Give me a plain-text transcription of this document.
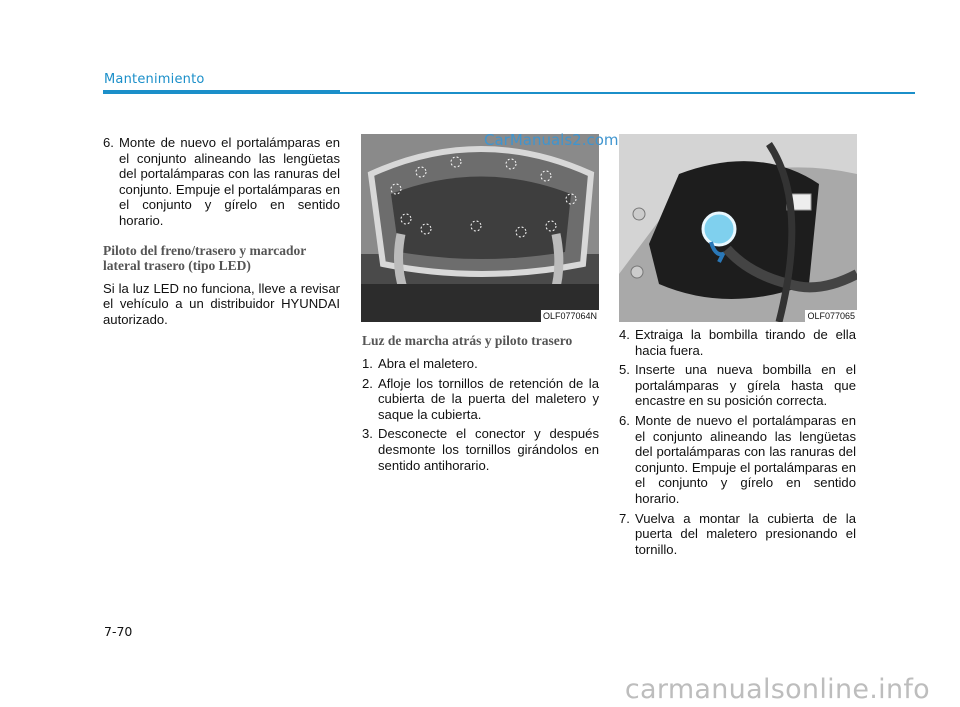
Mantenimiento
6. Monte de nuevo el portalámparas en el conjunto alineando las lengüetas del portalámparas con las ranuras del conjunto. Empuje el portalámparas en el conjunto y gírelo en sentido horario.
Piloto del freno/trasero y marcador lateral trasero (tipo LED)
Si la luz LED no funciona, lleve a revisar el vehículo a un distribuidor HYUNDAI autorizado.	OLF077064N	OLF077065
CarManuals2.com
Luz de marcha atrás y piloto trasero
1. Abra el maletero.
2. Afloje los tornillos de retención de la cubierta de la puerta del maletero y saque la cubierta.
3. Desconecte el conector y después desmonte los tornillos girándolos en sentido antihorario.
4. Extraiga la bombilla tirando de ella hacia fuera.
5. Inserte una nueva bombilla en el portalámparas y gírela hasta que encastre en su posición correcta.
6. Monte de nuevo el portalámparas en el conjunto alineando las lengüetas del portalámparas con las ranuras del conjunto. Empuje el portalámparas en el conjunto y gírelo en sentido horario.
7. Vuelva a montar la cubierta de la puerta del maletero presionando el tornillo.
7-70
carmanualsonline.info
